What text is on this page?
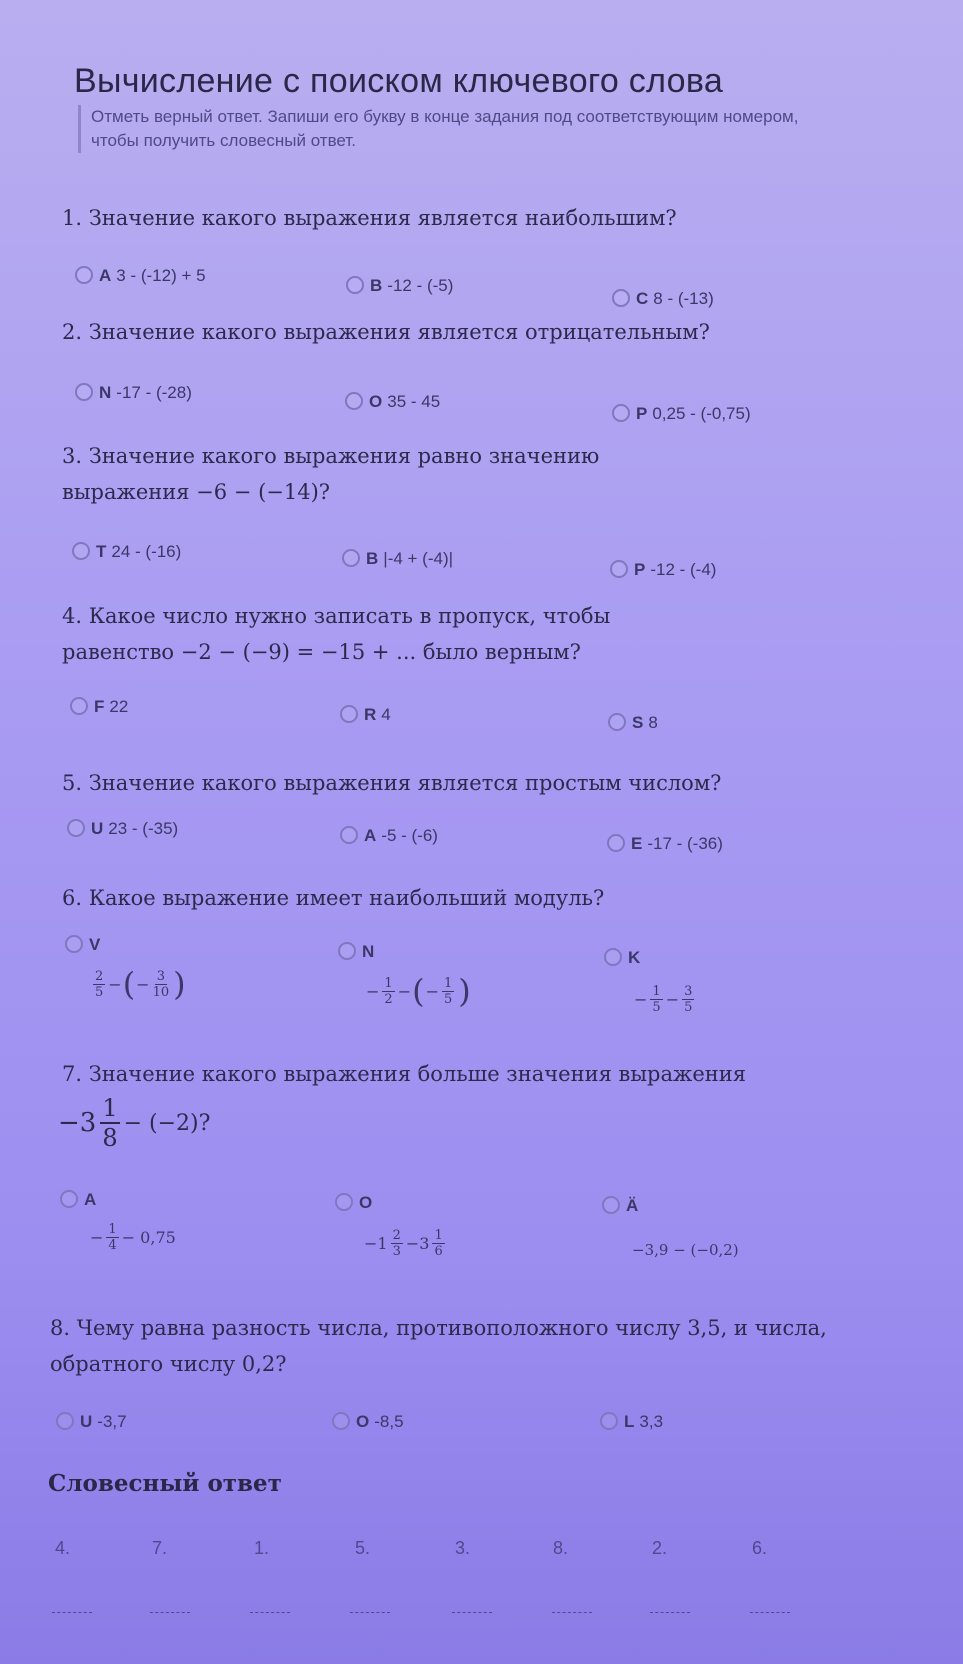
Вычисление с поиском ключевого слова
Отметь верный ответ. Запиши его букву в конце задания под соответствующим номером, чтобы получить словесный ответ.
1. Значение какого выражения является наибольшим?
A 3 - (-12) + 5
B -12 - (-5)
C 8 - (-13)
2. Значение какого выражения является отрицательным?
N -17 - (-28)	O 35 - 45
P 0,25 - (-0,75)
3. Значение какого выражения равно значению выражения −6 − (−14)?
T 24 - (-16)	B |-4 + (-4)|
P -12 - (-4)
4. Какое число нужно записать в пропуск, чтобы равенство −2 − (−9) = −15 + ... было верным?
F 22	R 4	S 8
5. Значение какого выражения является простым числом?
U 23 - (-35)	A -5 - (-6)	E -17 - (-36)
6. Какое выражение имеет наибольший модуль?
V
$\frac{2}{5}$ − ( − $\frac{3}{10}$ )
N
− $\frac{1}{2}$ − ( − $\frac{1}{5}$ )
K
− $\frac{1}{5} - \frac{3}{5}$
7. Значение какого выражения больше значения выражения
−3 1
8
− (−2)?
A
− $\frac{1}{4} - 0,75$
O
$-1 \frac{2}{3} - 3 \frac{1}{6}$
Ä
−3,9 − (−0,2)
8. Чему равна разность числа, противоположного числу 3,5, и числа, обратного числу 0,2?
U -3,7	O -8,5	L 3,3
Словесный ответ
4.	7.	1.	5.	3.	8.	2.	6.
